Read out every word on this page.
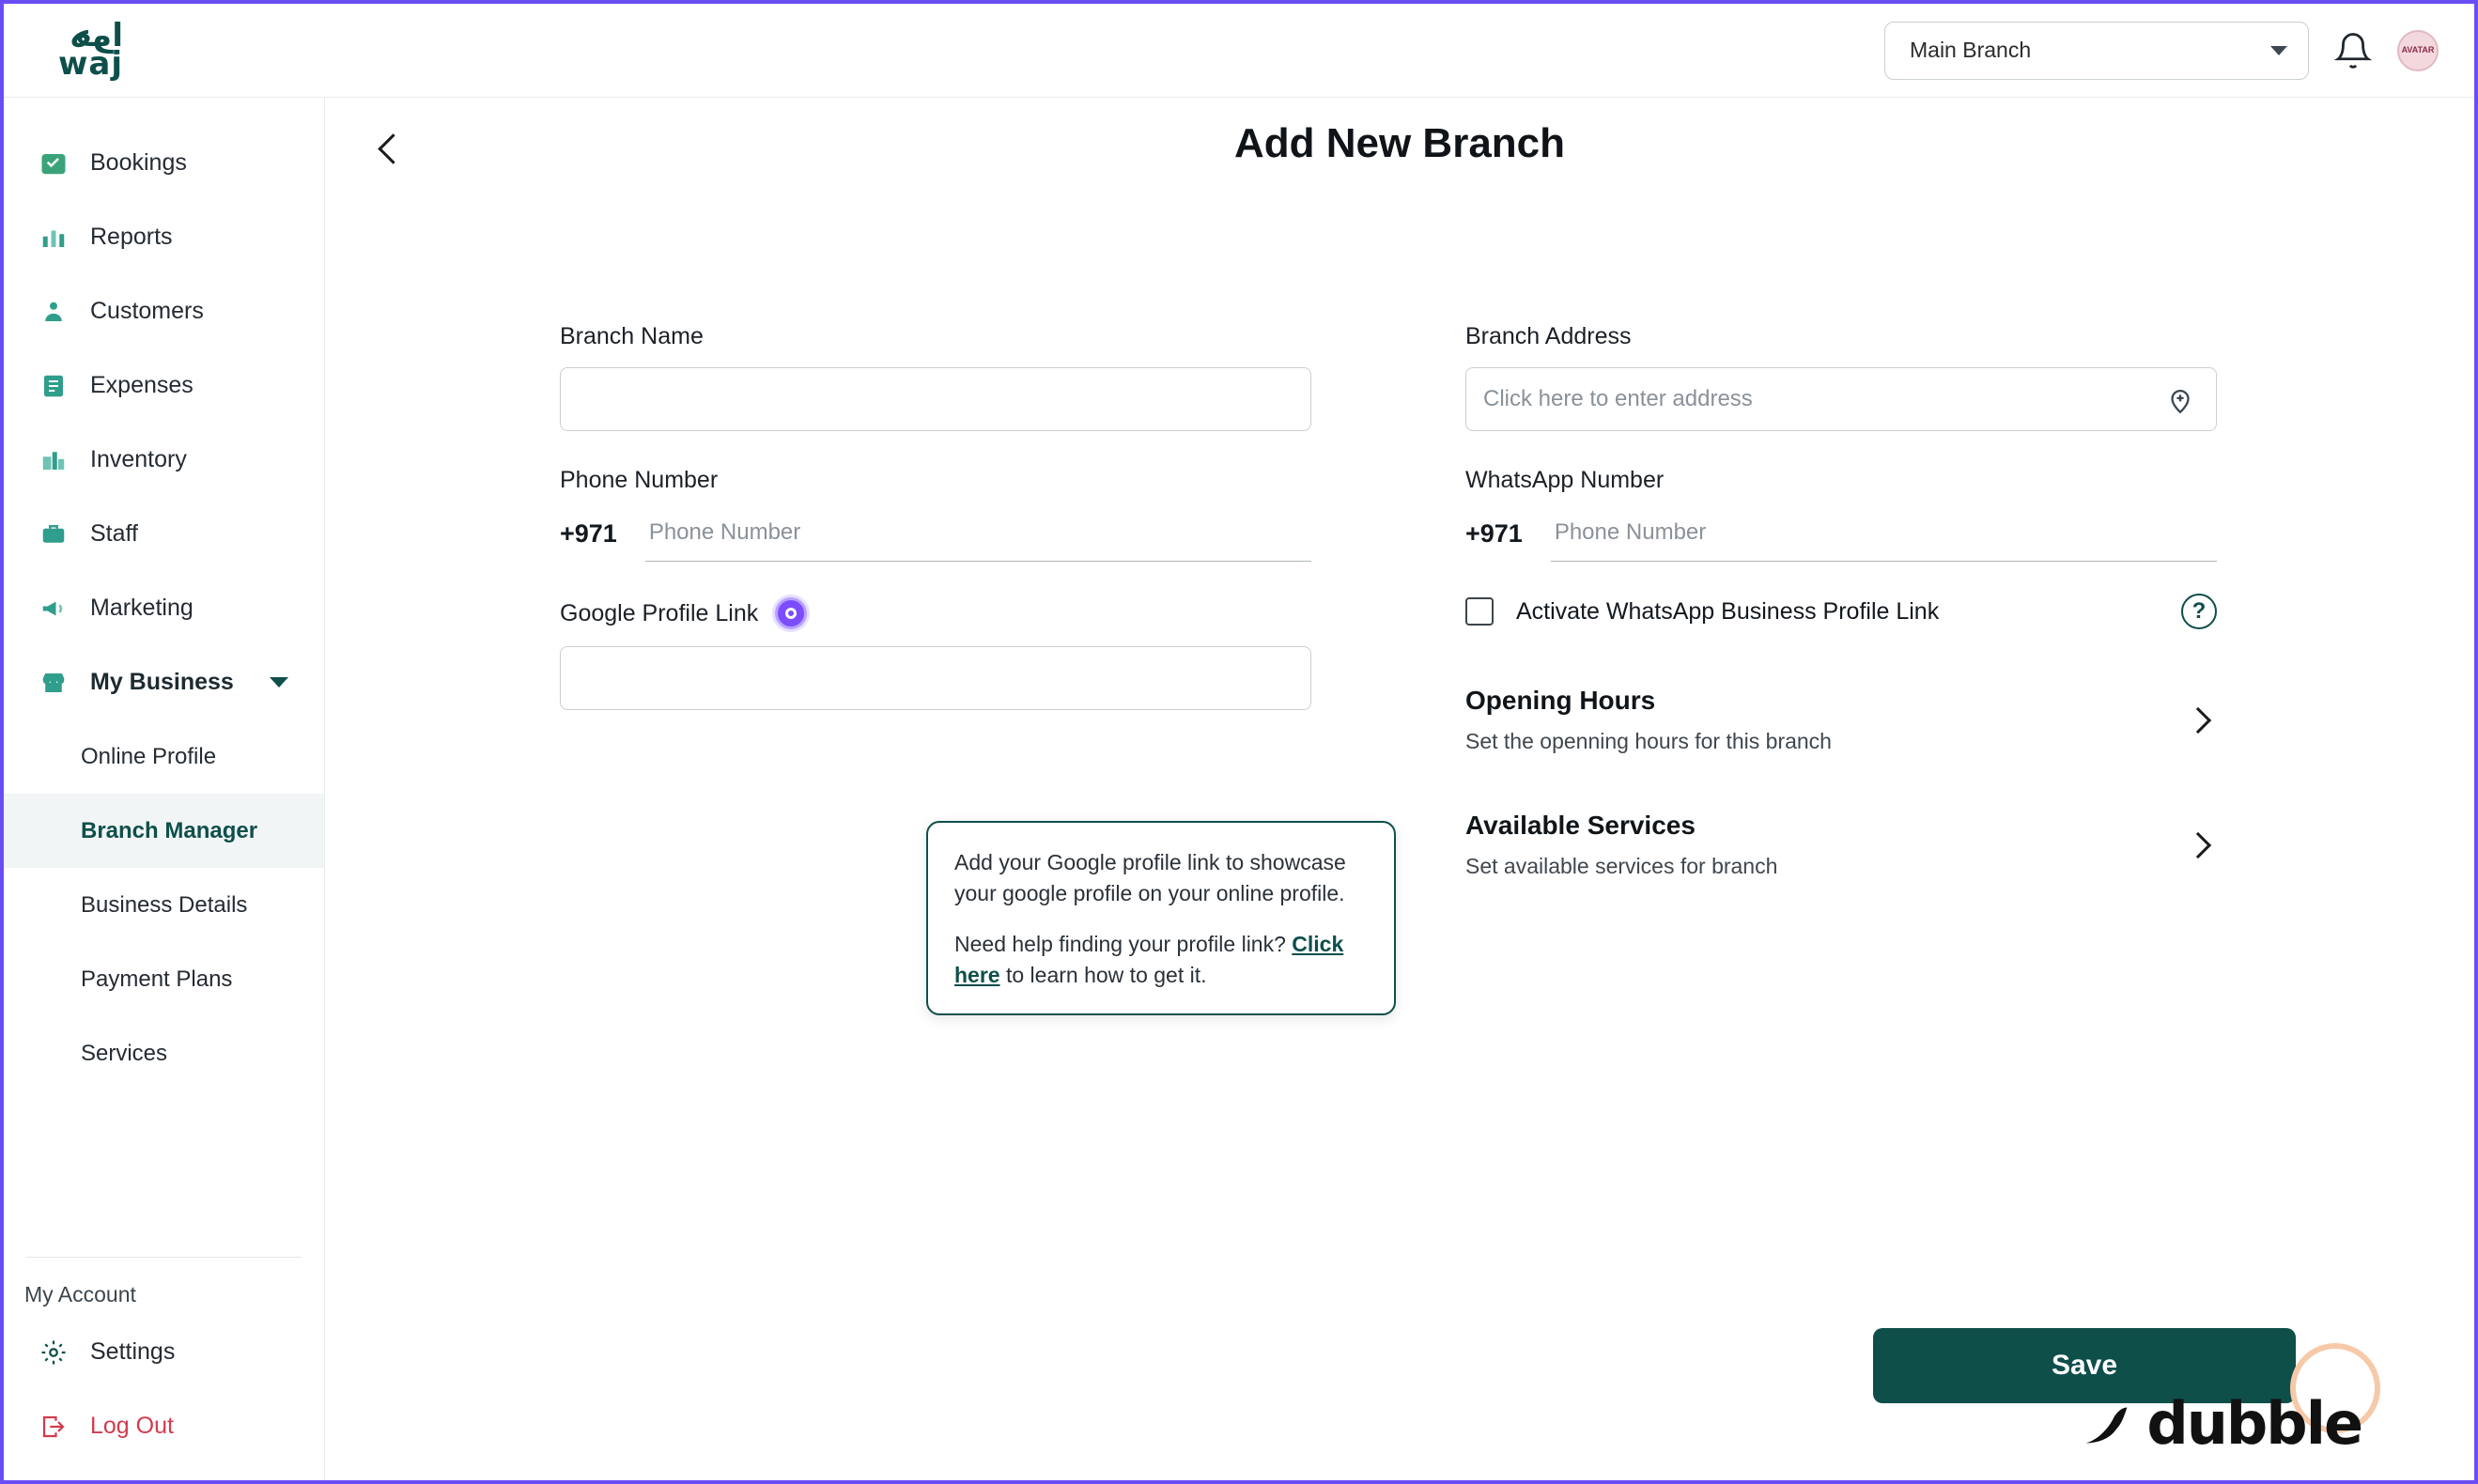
ھوا
waj	Main Branch	AVATAR
Bookings
Reports
Customers
Expenses
Inventory
Staff
Marketing
My Business
Online Profile
Branch Manager
Business Details
Payment Plans
Services
My Account
Settings
Log Out
Add New Branch
Branch Name
Phone Number
+971
Phone Number
Google Profile Link
Branch Address
Click here to enter address
WhatsApp Number
+971
Phone Number
Activate WhatsApp Business Profile Link	?
Opening Hours
Set the openning hours for this branch
Available Services
Set available services for branch

Add your Google profile link to showcase your google profile on your online profile.

Need help finding your profile link? Click here to learn how to get it.

Save
dubble
